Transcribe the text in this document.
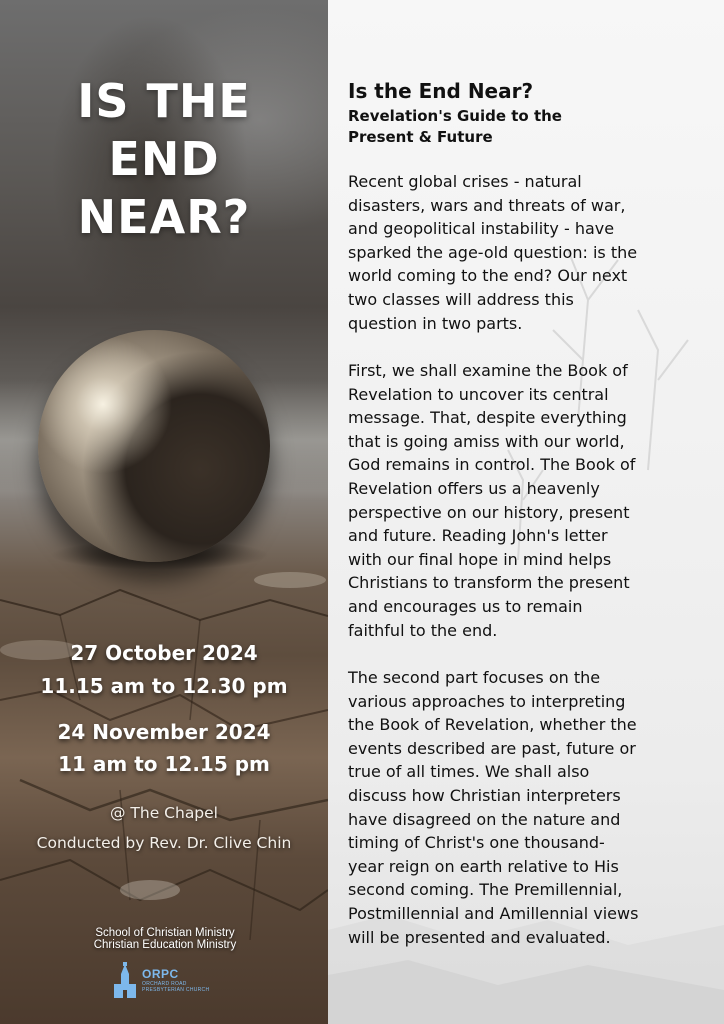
IS THE
END
NEAR?
27 October 2024
11.15 am to 12.30 pm
24 November 2024
11 am to 12.15 pm
@ The Chapel
Conducted by Rev. Dr. Clive Chin
School of Christian Ministry
Christian Education Ministry
ORPC
ORCHARD ROAD
PRESBYTERIAN CHURCH
Is the End Near?
Revelation's Guide to the
Present & Future
Recent global crises - natural
disasters, wars and threats of war,
and geopolitical instability - have
sparked the age-old question: is the
world coming to the end? Our next
two classes will address this
question in two parts.
First, we shall examine the Book of
Revelation to uncover its central
message. That, despite everything
that is going amiss with our world,
God remains in control. The Book of
Revelation offers us a heavenly
perspective on our history, present
and future. Reading John's letter
with our final hope in mind helps
Christians to transform the present
and encourages us to remain
faithful to the end.
The second part focuses on the
various approaches to interpreting
the Book of Revelation, whether the
events described are past, future or
true of all times. We shall also
discuss how Christian interpreters
have disagreed on the nature and
timing of Christ's one thousand-
year reign on earth relative to His
second coming. The Premillennial,
Postmillennial and Amillennial views
will be presented and evaluated.
